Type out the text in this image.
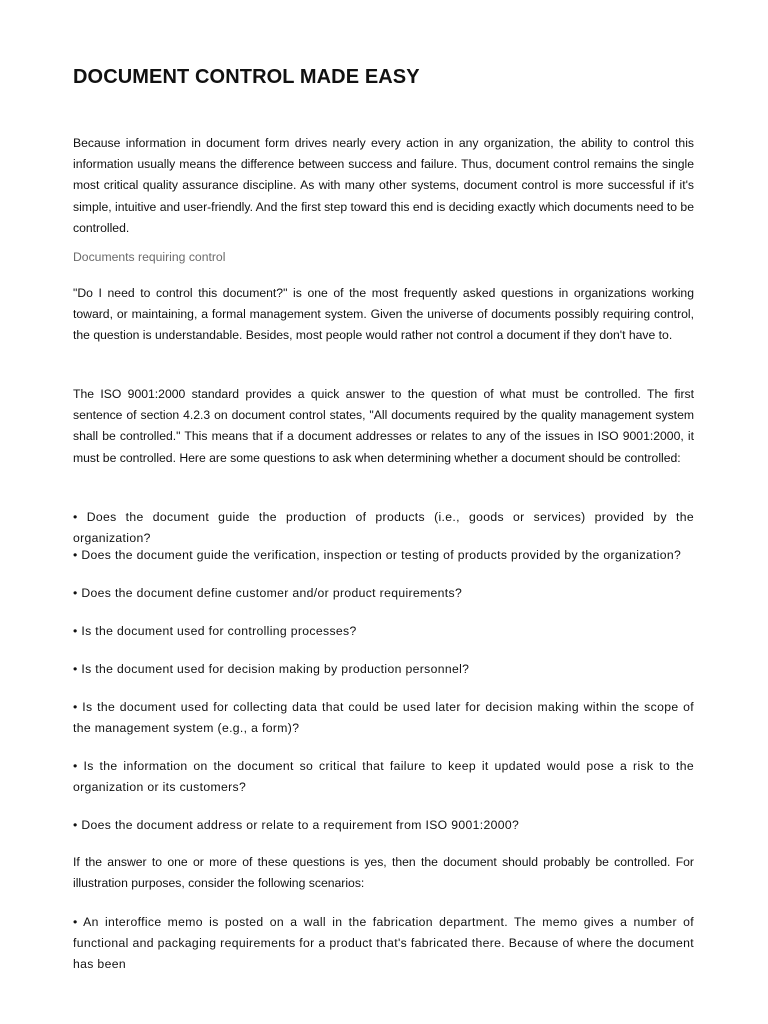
DOCUMENT CONTROL MADE EASY

Because information in document form drives nearly every action in any organization, the ability to control this information usually means the difference between success and failure. Thus, document control remains the single most critical quality assurance discipline. As with many other systems, document control is more successful if it's simple, intuitive and user-friendly. And the first step toward this end is deciding exactly which documents need to be controlled.

Documents requiring control

"Do I need to control this document?" is one of the most frequently asked questions in organizations working toward, or maintaining, a formal management system. Given the universe of documents possibly requiring control, the question is understandable. Besides, most people would rather not control a document if they don't have to.

The ISO 9001:2000 standard provides a quick answer to the question of what must be controlled. The first sentence of section 4.2.3 on document control states, "All documents required by the quality management system shall be controlled." This means that if a document addresses or relates to any of the issues in ISO 9001:2000, it must be controlled. Here are some questions to ask when determining whether a document should be controlled:

• Does the document guide the production of products (i.e., goods or services) provided by the organization?

• Does the document guide the verification, inspection or testing of products provided by the organization?

• Does the document define customer and/or product requirements?

• Is the document used for controlling processes?

• Is the document used for decision making by production personnel?

• Is the document used for collecting data that could be used later for decision making within the scope of the management system (e.g., a form)?

• Is the information on the document so critical that failure to keep it updated would pose a risk to the organization or its customers?

• Does the document address or relate to a requirement from ISO 9001:2000?

If the answer to one or more of these questions is yes, then the document should probably be controlled. For illustration purposes, consider the following scenarios:

• An interoffice memo is posted on a wall in the fabrication department. The memo gives a number of functional and packaging requirements for a product that's fabricated there. Because of where the document has been
